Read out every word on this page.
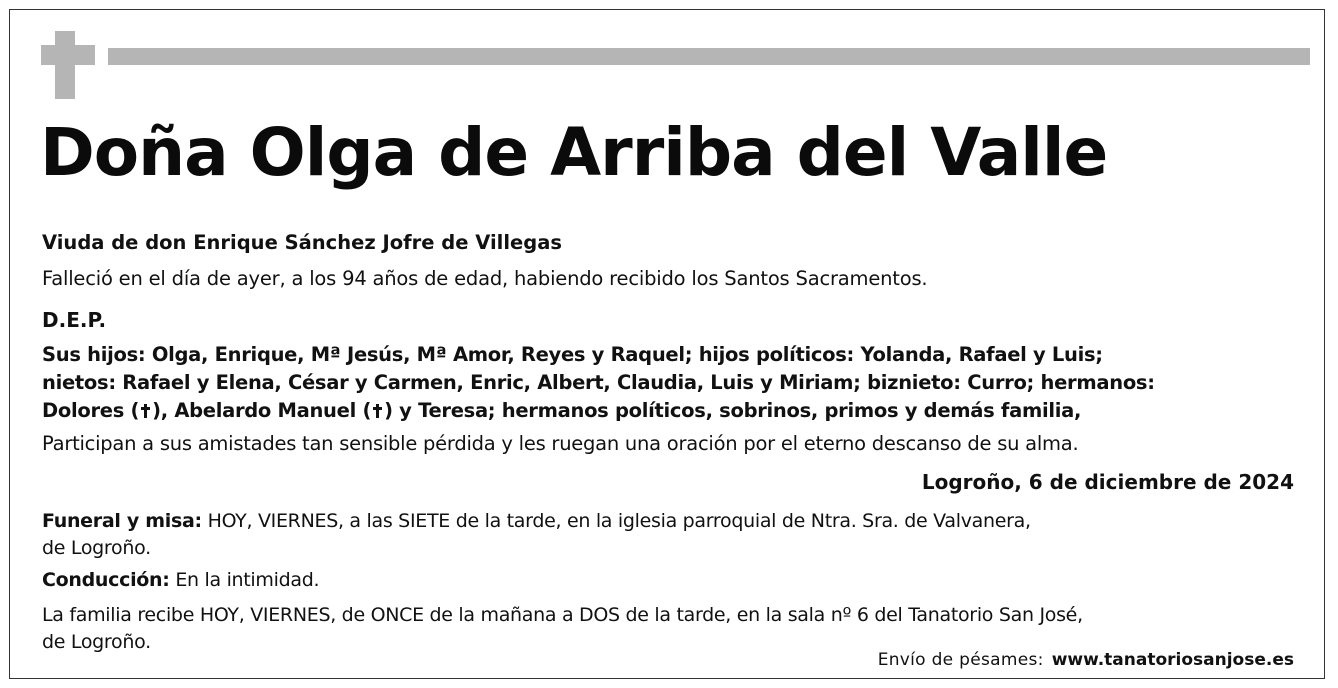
Doña Olga de Arriba del Valle

Viuda de don Enrique Sánchez Jofre de Villegas

Falleció en el día de ayer, a los 94 años de edad, habiendo recibido los Santos Sacramentos.

D.E.P.

Sus hijos: Olga, Enrique, Mª Jesús, Mª Amor, Reyes y Raquel; hijos políticos: Yolanda, Rafael y Luis;

nietos: Rafael y Elena, César y Carmen, Enric, Albert, Claudia, Luis y Miriam; biznieto: Curro; hermanos:

Dolores ( ), Abelardo Manuel ( ) y Teresa; hermanos políticos, sobrinos, primos y demás familia,

Participan a sus amistades tan sensible pérdida y les ruegan una oración por el eterno descanso de su alma.

Logroño, 6 de diciembre de 2024

Funeral y misa: HOY, VIERNES, a las SIETE de la tarde, en la iglesia parroquial de Ntra. Sra. de Valvanera,

de Logroño.

Conducción: En la intimidad.

La familia recibe HOY, VIERNES, de ONCE de la mañana a DOS de la tarde, en la sala nº 6 del Tanatorio San José,

de Logroño.

Envío de pésames: www.tanatoriosanjose.es
